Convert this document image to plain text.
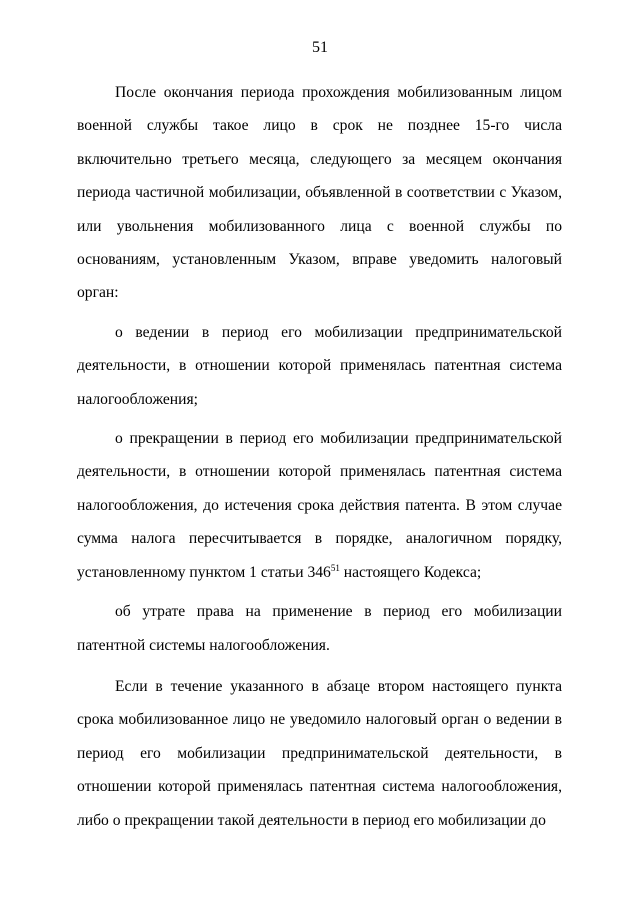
51

После окончания периода прохождения мобилизованным лицом военной службы такое лицо в срок не позднее 15-го числа включительно третьего месяца, следующего за месяцем окончания периода частичной мобилизации, объявленной в соответствии с Указом, или увольнения мобилизованного лица с военной службы по основаниям, установленным Указом, вправе уведомить налоговый орган:

о ведении в период его мобилизации предпринимательской деятельности, в отношении которой применялась патентная система налогообложения;

о прекращении в период его мобилизации предпринимательской деятельности, в отношении которой применялась патентная система налогообложения, до истечения срока действия патента. В этом случае сумма налога пересчитывается в порядке, аналогичном порядку, установленному пунктом 1 статьи $346^{51}$ настоящего Кодекса;

об утрате права на применение в период его мобилизации патентной системы налогообложения.

Если в течение указанного в абзаце втором настоящего пункта срока мобилизованное лицо не уведомило налоговый орган о ведении в период его мобилизации предпринимательской деятельности, в отношении которой применялась патентная система налогообложения, либо о прекращении такой деятельности в период его мобилизации до
